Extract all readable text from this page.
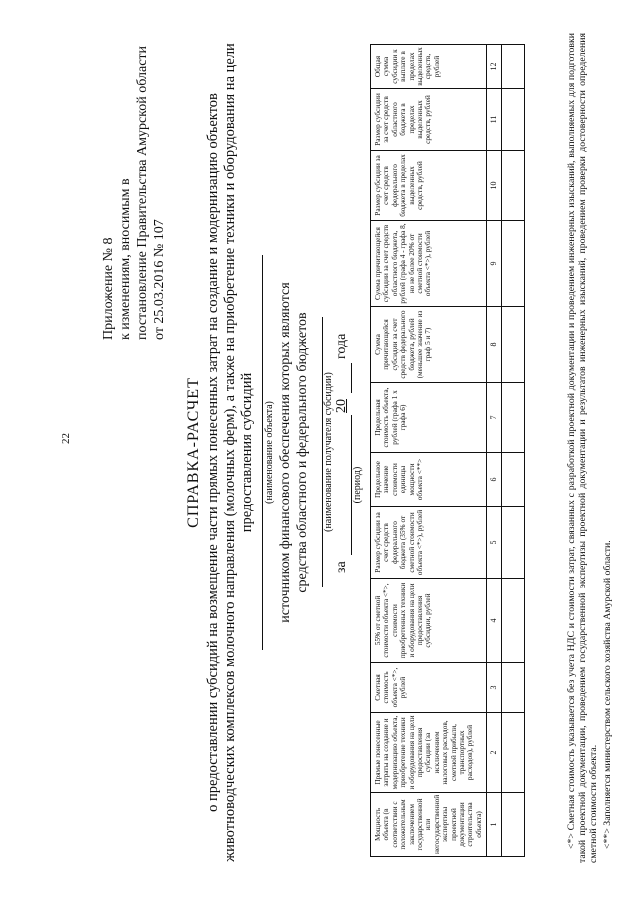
22
Приложение № 8 к изменениям, вносимым в постановление Правительства Амурской области от 25.03.2016 № 107
СПРАВКА-РАСЧЕТ о предоставлении субсидий на возмещение части прямых понесенных затрат на создание и модернизацию объектов животноводческих комплексов молочного направления (молочных ферм), а также на приобретение техники и оборудования на цели предоставления субсидий (наименование объекта) источником финансового обеспечения которых являются средства областного и федерального бюджетов (наименование получателя субсидии)
за
20
года
(период)
Мощность объекта (в соответствии с положительным заключением государственной или негосударственной экспертизы проектной документации строительства объекта)	Прямые понесенные затраты на создание и модернизацию объекта, приобретение техники и оборудования на цели предоставления субсидии (за исключением налоговых расходов, сметной прибыли, транспортных расходов), рублей	Сметная стоимость объекта <*>, рублей	55% от сметной стоимости объекта <*>, стоимости приобретенных техники и оборудования на цели предоставления субсидии, рублей	Размер субсидии за счет средств федерального бюджета (35% от сметной стоимости объекта <*>), рублей	Предельное значение стоимости единицы мощности объекта <**>	Предельная стоимость объекта, рублей (графа 1 x графа 6)	Сумма причитающейся субсидии за счет средств федерального бюджета, рублей (меньшее значение из граф 5 и 7)	Сумма причитающейся субсидии за счет средств областного бюджета, рублей (графа 4 - графа 8, но не более 20% от сметной стоимости объекта <*>), рублей	Размер субсидии за счет средств федерального бюджета в пределах выделенных средств, рублей	Размер субсидии за счет средств областного бюджета в пределах выделенных средств, рублей	Общая сумма субсидии к выплате в пределах выделенных средств, рублей
1	2	3	4	5	6	7	8	9	10	11	12
												<*> Сметная стоимость указывается без учета НДС и стоимости затрат, связанных с разработкой проектной документации и проведением инженерных изысканий, выполняемых для подготовки такой проектной документации, проведением государственной экспертизы проектной документации и результатов инженерных изысканий, проведением проверки достоверности определения сметной стоимости объекта. <**> Заполняется министерством сельского хозяйства Амурской области.
